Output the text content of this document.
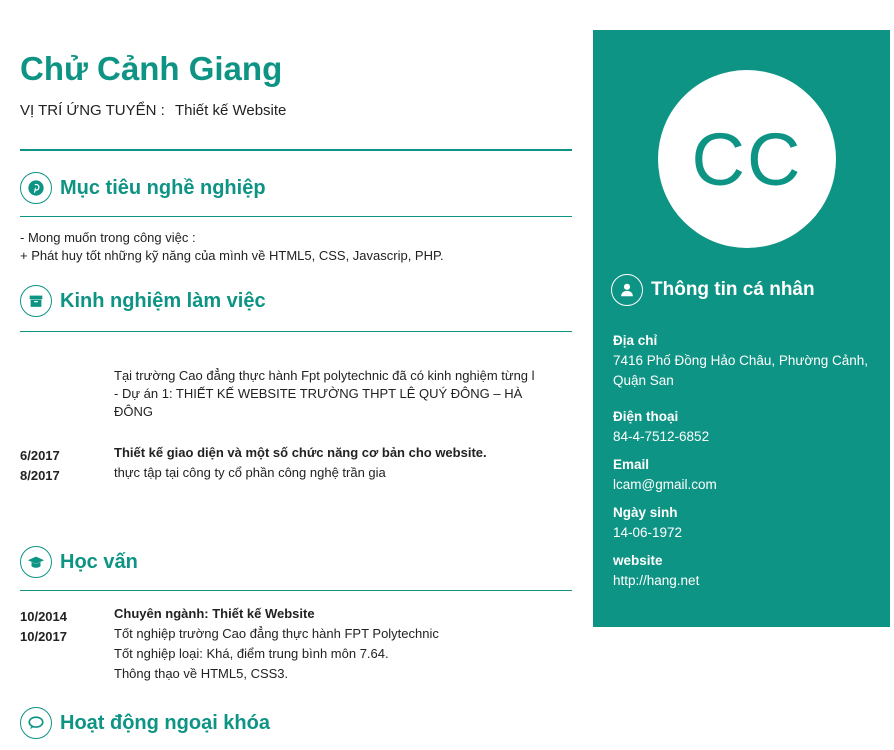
Chử Cảnh Giang
VỊ TRÍ ỨNG TUYỂN : Thiết kế Website
Mục tiêu nghề nghiệp
- Mong muốn trong công việc :
+ Phát huy tốt những kỹ năng của mình về HTML5, CSS, Javascrip, PHP.
Kinh nghiệm làm việc
Tại trường Cao đẳng thực hành Fpt polytechnic đã có kinh nghiệm từng l
- Dự án 1: THIẾT KẾ WEBSITE TRƯỜNG THPT LÊ QUÝ ĐÔNG – HÀ
ĐÔNG
6/2017
8/2017
Thiết kế giao diện và một số chức năng cơ bản cho website.
thực tập tại công ty cổ phần công nghệ trần gia
Học vấn
10/2014
10/2017
Chuyên ngành: Thiết kế Website
Tốt nghiệp trường Cao đẳng thực hành FPT Polytechnic
Tốt nghiệp loại: Khá, điểm trung bình môn 7.64.
Thông thạo về HTML5, CSS3.
Hoạt động ngoại khóa
CC
Thông tin cá nhân
Địa chỉ
7416 Phố Đồng Hảo Châu, Phường Cảnh,
Quận San
Điện thoại
84-4-7512-6852
Email
lcam@gmail.com
Ngày sinh
14-06-1972
website
http://hang.net
